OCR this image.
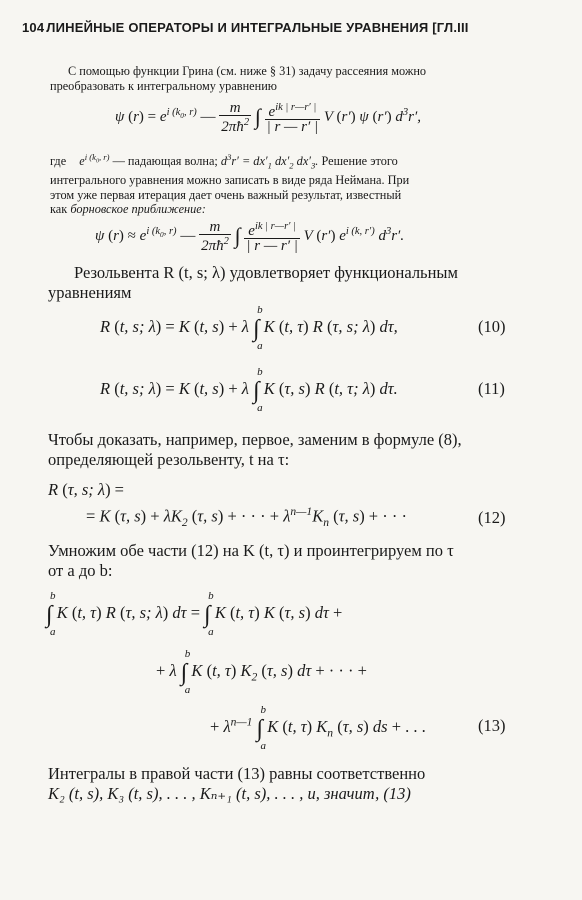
104 ЛИНЕЙНЫЕ ОПЕРАТОРЫ И ИНТЕГРАЛЬНЫЕ УРАВНЕНИЯ [ГЛ.III
С помощью функции Грина (см. ниже § 31) задачу рассеяния можно
преобразовать к интегральному уравнению
ψ $(r) = e^{i (k_0, r)}$ — $\frac{m}{2\pi ħ^2}$ ∫ $\frac{e^{ik | r—r' |}}{| r — r' |}$ V (r′) ψ (r′) $d^3r'$,
где $e^{i (k_0, r)}$ — падающая волна; $d^3r' = dx'_1$ $dx'_2$ $dx'_3$. Решение этого
интегрального уравнения можно записать в виде ряда Неймана. При
этом уже первая итерация дает очень важный результат, известный
как борновское приближение:
ψ $(r) \approx e^{i (k_0, r)}$ — $\frac{m}{2\pi ħ^2}$ ∫ $\frac{e^{ik | r—r' |}}{| r — r' |}$ V (r′) $e^{i (k, r')}$ $d^3r'$.
Резольвента R (t, s; λ) удовлетворяет функциональным
уравнениям
R (t, s; λ) = K (t, s) + λ
b
∫
a
K (t, τ) R (τ, s; λ) dτ,	(10)
R (t, s; λ) = K (t, s) + λ
b
∫
a
K (τ, s) R (t, τ; λ) dτ.	(11)
Чтобы доказать, например, первое, заменим в формуле (8),
определяющей резольвенту, t на τ:
R (τ, s; λ) =
= K (τ, $s) + \lambda K_2$ (τ, s) + · · · + $\lambda^{n—1}K_n$ (τ, s) + · · ·	(12)
Умножим обе части (12) на K (t, τ) и проинтегрируем по τ
от a до b:
b
∫
a
K (t, τ) R (τ, s; λ) dτ =
b
∫
a
K (t, τ) K (τ, s) dτ +
+ λ
b
∫
a
K (t, τ) $K_2$ (τ, s) dτ + · · · +
+ $\lambda^{n—1}$
b
∫
a
K (t, τ) $K_n$ (τ, s) ds + . . .	(13)
Интегралы в правой части (13) равны соответственно
K₂ (t, s), K₃ (t, s), . . . , Kₙ₊₁ (t, s), . . . , и, значит, (13)
